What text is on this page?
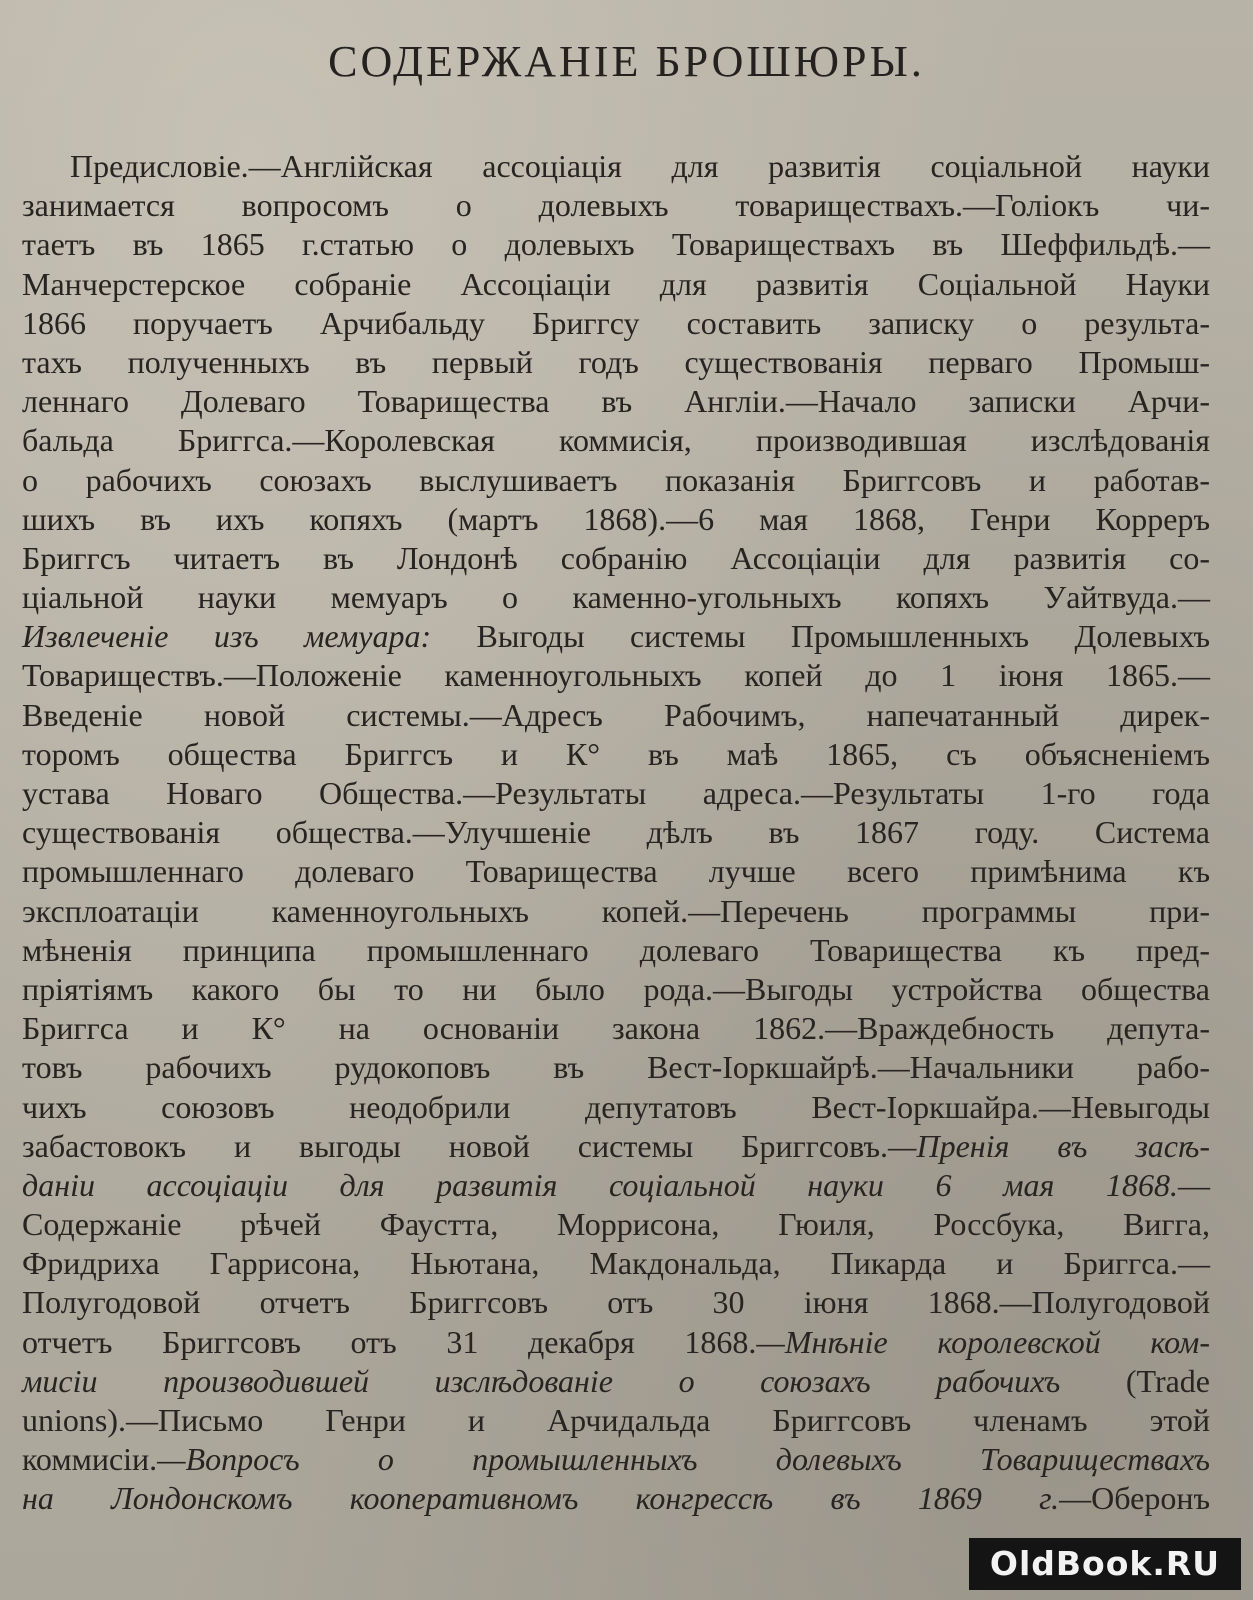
СОДЕРЖАНІЕ БРОШЮРЫ.
Предисловіе.—Англійская ассоціація для развитія соціальной науки
занимается вопросомъ о долевыхъ товариществахъ.—Голіокъ чи-
таетъ въ 1865 г.статью о долевыхъ Товариществахъ въ Шеффильдѣ.—
Манчерстерское собраніе Ассоціаціи для развитія Соціальной Науки
1866 поручаетъ Арчибальду Бриггсу составить записку о результа-
тахъ полученныхъ въ первый годъ существованія перваго Промыш-
леннаго Долеваго Товарищества въ Англіи.—Начало записки Арчи-
бальда Бриггса.—Королевская коммисія, производившая изслѣдованія
о рабочихъ союзахъ выслушиваетъ показанія Бриггсовъ и работав-
шихъ въ ихъ копяхъ (мартъ 1868).—6 мая 1868, Генри Корреръ
Бриггсъ читаетъ въ Лондонѣ собранію Ассоціаціи для развитія со-
ціальной науки мемуаръ о каменно-угольныхъ копяхъ Уайтвуда.—
Извлеченіе изъ мемуара: Выгоды системы Промышленныхъ Долевыхъ
Товариществъ.—Положеніе каменноугольныхъ копей до 1 іюня 1865.—
Введеніе новой системы.—Адресъ Рабочимъ, напечатанный дирек-
торомъ общества Бриггсъ и К° въ маѣ 1865, съ объясненіемъ
устава Новаго Общества.—Результаты адреса.—Результаты 1-го года
существованія общества.—Улучшеніе дѣлъ въ 1867 году. Система
промышленнаго долеваго Товарищества лучше всего примѣнима къ
эксплоатаціи каменноугольныхъ копей.—Перечень программы при-
мѣненія принципа промышленнаго долеваго Товарищества къ пред-
пріятіямъ какого бы то ни было рода.—Выгоды устройства общества
Бриггса и К° на основаніи закона 1862.—Враждебность депута-
товъ рабочихъ рудокоповъ въ Вест-Іоркшайрѣ.—Начальники рабо-
чихъ союзовъ неодобрили депутатовъ Вест-Іоркшайра.—Невыгоды
забастовокъ и выгоды новой системы Бриггсовъ.—Пренія въ засѣ-
даніи ассоціаціи для развитія соціальной науки 6 мая 1868.—
Содержаніе рѣчей Фаустта, Моррисона, Гюиля, Россбука, Вигга,
Фридриха Гаррисона, Ньютана, Макдональда, Пикарда и Бриггса.—
Полугодовой отчетъ Бриггсовъ отъ 30 іюня 1868.—Полугодовой
отчетъ Бриггсовъ отъ 31 декабря 1868.—Мнѣніе королевской ком-
мисіи производившей изслѣдованіе о союзахъ рабочихъ (Trade
unions).—Письмо Генри и Арчидальда Бриггсовъ членамъ этой
коммисіи.—Вопросъ о промышленныхъ долевыхъ Товариществахъ
на Лондонскомъ кооперативномъ конгрессѣ въ 1869 г.—Оберонъ
OldBook.RU
